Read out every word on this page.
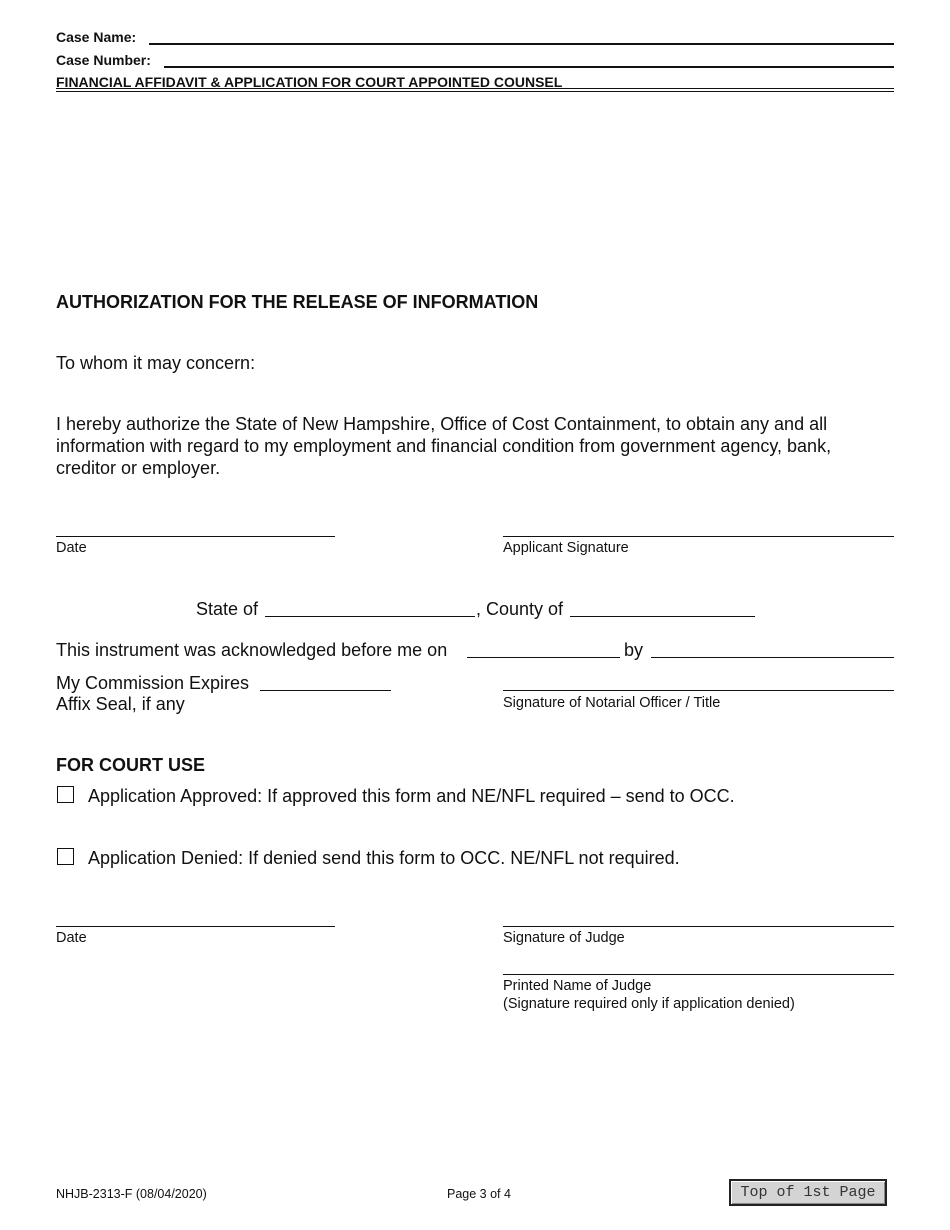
Case Name:
Case Number:
FINANCIAL AFFIDAVIT & APPLICATION FOR COURT APPOINTED COUNSEL
AUTHORIZATION FOR THE RELEASE OF INFORMATION
To whom it may concern:
I hereby authorize the State of New Hampshire, Office of Cost Containment, to obtain any and all information with regard to my employment and financial condition from government agency, bank, creditor or employer.
Date	Applicant Signature
State of	, County of
This instrument was acknowledged before me on	by
My Commission Expires
Affix Seal, if any	Signature of Notarial Officer / Title
FOR COURT USE
Application Approved: If approved this form and NE/NFL required – send to OCC.
Application Denied: If denied send this form to OCC. NE/NFL not required.
Date	Signature of Judge
Printed Name of Judge
(Signature required only if application denied)
NHJB-2313-F (08/04/2020)	Page 3 of 4	Top of 1st Page
